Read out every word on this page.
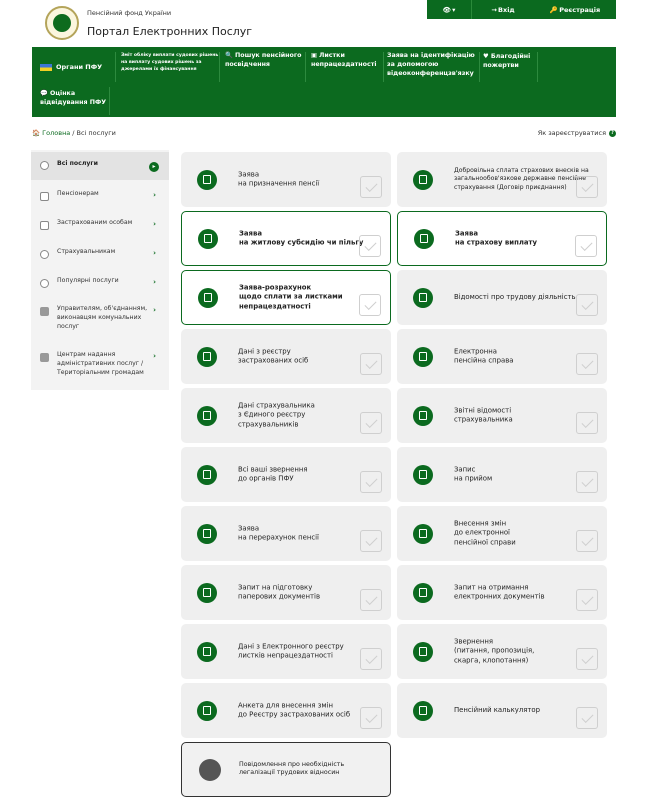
Пенсійний фонд України
Портал Електронних Послуг
👁 ▾	→ Вхід	🔑 Реєстрація
Органи ПФУ
Зміт обліку виплати судових рішень на виплату судових рішень за джерелами їх фінансування
🔍 Пошук пенсійного посвідчення
▣ Листки непрацездатності
Заява на ідентифікацію за допомогою відеоконференцзв'язку
♥ Благодійні пожертви
💬 Оцінка відвідування ПФУ
🏠 Головна / Всі послуги	Як зареєструватися	?
Всі послуги	▸
Пенсіонерам	›
Застрахованим особам	›
Страхувальникам	›
Популярні послуги	›
Управителям, об'єднанням, виконавцям комунальних послуг
›
Центрам надання адміністративних послуг / Територіальним громадам
›
Заява
на призначення пенсії
Добровільна сплата страхових внесків на загальнообов'язкове державне пенсійне страхування (Договір приєднання)
Заява
на житлову субсидію чи пільгу
Заява
на страхову виплату
Заява-розрахунок
щодо сплати за листками непрацездатності
Відомості про трудову діяльність
Дані з реєстру
застрахованих осіб
Електронна
пенсійна справа
Дані страхувальника
з Єдиного реєстру
страхувальників
Звітні відомості
страхувальника
Всі ваші звернення
до органів ПФУ
Запис
на прийом
Заява
на перерахунок пенсії
Внесення змін
до електронної
пенсійної справи
Запит на підготовку
паперових документів
Запит на отримання
електронних документів
Дані з Електронного реєстру
листків непрацездатності
Звернення
(питання, пропозиція,
скарга, клопотання)
Анкета для внесення змін
до Реєстру застрахованих осіб
Пенсійний калькулятор
Повідомлення про необхідність
легалізації трудових відносин
